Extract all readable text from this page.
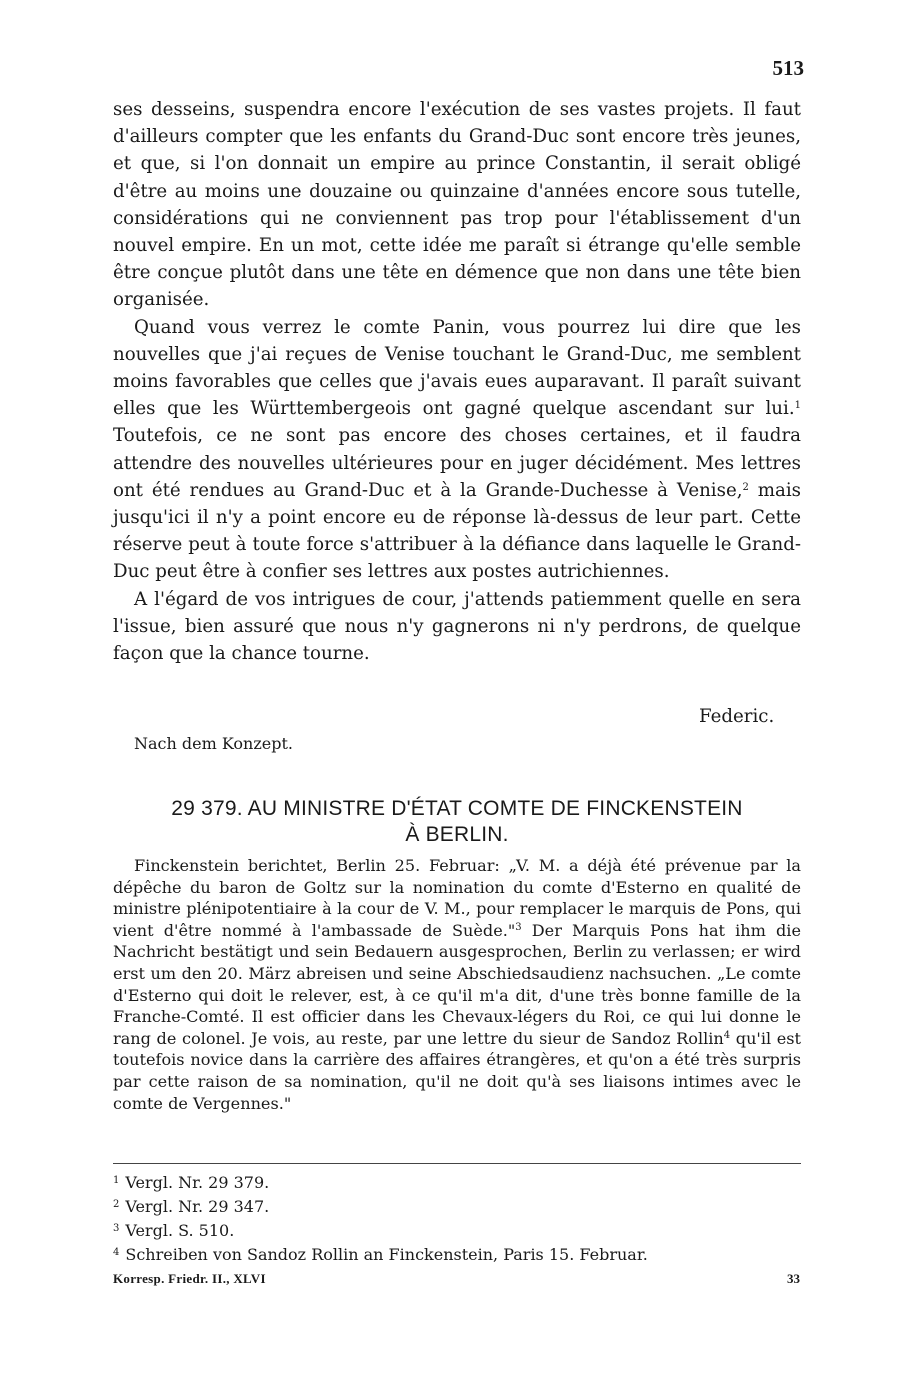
513

ses desseins, suspendra encore l'exécution de ses vastes projets. Il faut d'ailleurs compter que les enfants du Grand-Duc sont encore très jeunes, et que, si l'on donnait un empire au prince Constantin, il serait obligé d'être au moins une douzaine ou quinzaine d'années encore sous tutelle, considérations qui ne conviennent pas trop pour l'établissement d'un nouvel empire. En un mot, cette idée me paraît si étrange qu'elle semble être conçue plutôt dans une tête en démence que non dans une tête bien organisée.

Quand vous verrez le comte Panin, vous pourrez lui dire que les nouvelles que j'ai reçues de Venise touchant le Grand-Duc, me semblent moins favorables que celles que j'avais eues auparavant. Il paraît suivant elles que les Württembergeois ont gagné quelque ascendant sur lui.$^1$ Toutefois, ce ne sont pas encore des choses certaines, et il faudra attendre des nouvelles ultérieures pour en juger décidément. Mes lettres ont été rendues au Grand-Duc et à la Grande-Duchesse à Venise,$^2$ mais jusqu'ici il n'y a point encore eu de réponse là-dessus de leur part. Cette réserve peut à toute force s'attribuer à la défiance dans laquelle le Grand-Duc peut être à confier ses lettres aux postes autrichiennes.

A l'égard de vos intrigues de cour, j'attends patiemment quelle en sera l'issue, bien assuré que nous n'y gagnerons ni n'y perdrons, de quelque façon que la chance tourne.

Federic.
Nach dem Konzept.
29 379. AU MINISTRE D'ÉTAT COMTE DE FINCKENSTEIN
À BERLIN.

Finckenstein berichtet, Berlin 25. Februar: „V. M. a déjà été prévenue par la dépêche du baron de Goltz sur la nomination du comte d'Esterno en qualité de ministre plénipotentiaire à la cour de V. M., pour remplacer le marquis de Pons, qui vient d'être nommé à l'ambassade de Suède."$^3$ Der Marquis Pons hat ihm die Nachricht bestätigt und sein Bedauern ausgesprochen, Berlin zu verlassen; er wird erst um den 20. März abreisen und seine Abschiedsaudienz nachsuchen. „Le comte d'Esterno qui doit le relever, est, à ce qu'il m'a dit, d'une très bonne famille de la Franche-Comté. Il est officier dans les Chevaux-légers du Roi, ce qui lui donne le rang de colonel. Je vois, au reste, par une lettre du sieur de Sandoz Rollin$^4$ qu'il est toutefois novice dans la carrière des affaires étrangères, et qu'on a été très surpris par cette raison de sa nomination, qu'il ne doit qu'à ses liaisons intimes avec le comte de Vergennes."

$^1$ Vergl. Nr. 29 379.
$^2$ Vergl. Nr. 29 347.
$^3$ Vergl. S. 510.
$^4$ Schreiben von Sandoz Rollin an Finckenstein, Paris 15. Februar.
Korresp. Friedr. II., XLVI	33
